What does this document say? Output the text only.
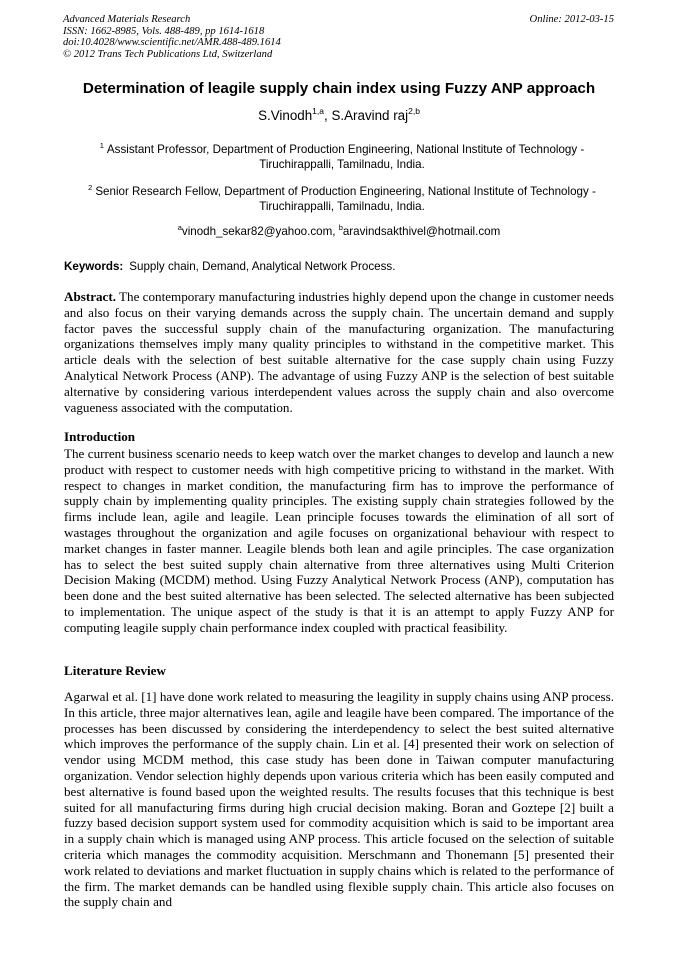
Advanced Materials Research
ISSN: 1662-8985, Vols. 488-489, pp 1614-1618
doi:10.4028/www.scientific.net/AMR.488-489.1614
© 2012 Trans Tech Publications Ltd, Switzerland
Online: 2012-03-15
Determination of leagile supply chain index using Fuzzy ANP approach
S.Vinodh$^{1,a}$, S.Aravind raj$^{2,b}$
$^1$ Assistant Professor, Department of Production Engineering, National Institute of Technology - Tiruchirappalli, Tamilnadu, India.
$^2$ Senior Research Fellow, Department of Production Engineering, National Institute of Technology -Tiruchirappalli, Tamilnadu, India.
$^a$vinodh_sekar82@yahoo.com, $^b$aravindsakthivel@hotmail.com
Keywords: Supply chain, Demand, Analytical Network Process.
Abstract. The contemporary manufacturing industries highly depend upon the change in customer needs and also focus on their varying demands across the supply chain. The uncertain demand and supply factor paves the successful supply chain of the manufacturing organization. The manufacturing organizations themselves imply many quality principles to withstand in the competitive market. This article deals with the selection of best suitable alternative for the case supply chain using Fuzzy Analytical Network Process (ANP). The advantage of using Fuzzy ANP is the selection of best suitable alternative by considering various interdependent values across the supply chain and also overcome vagueness associated with the computation.
Introduction
The current business scenario needs to keep watch over the market changes to develop and launch a new product with respect to customer needs with high competitive pricing to withstand in the market. With respect to changes in market condition, the manufacturing firm has to improve the performance of supply chain by implementing quality principles. The existing supply chain strategies followed by the firms include lean, agile and leagile. Lean principle focuses towards the elimination of all sort of wastages throughout the organization and agile focuses on organizational behaviour with respect to market changes in faster manner. Leagile blends both lean and agile principles. The case organization has to select the best suited supply chain alternative from three alternatives using Multi Criterion Decision Making (MCDM) method. Using Fuzzy Analytical Network Process (ANP), computation has been done and the best suited alternative has been selected. The selected alternative has been subjected to implementation. The unique aspect of the study is that it is an attempt to apply Fuzzy ANP for computing leagile supply chain performance index coupled with practical feasibility.
Literature Review
Agarwal et al. [1] have done work related to measuring the leagility in supply chains using ANP process. In this article, three major alternatives lean, agile and leagile have been compared. The importance of the processes has been discussed by considering the interdependency to select the best suited alternative which improves the performance of the supply chain. Lin et al. [4] presented their work on selection of vendor using MCDM method, this case study has been done in Taiwan computer manufacturing organization. Vendor selection highly depends upon various criteria which has been easily computed and best alternative is found based upon the weighted results. The results focuses that this technique is best suited for all manufacturing firms during high crucial decision making. Boran and Goztepe [2] built a fuzzy based decision support system used for commodity acquisition which is said to be important area in a supply chain which is managed using ANP process. This article focused on the selection of suitable criteria which manages the commodity acquisition. Merschmann and Thonemann [5] presented their work related to deviations and market fluctuation in supply chains which is related to the performance of the firm. The market demands can be handled using flexible supply chain. This article also focuses on the supply chain and
